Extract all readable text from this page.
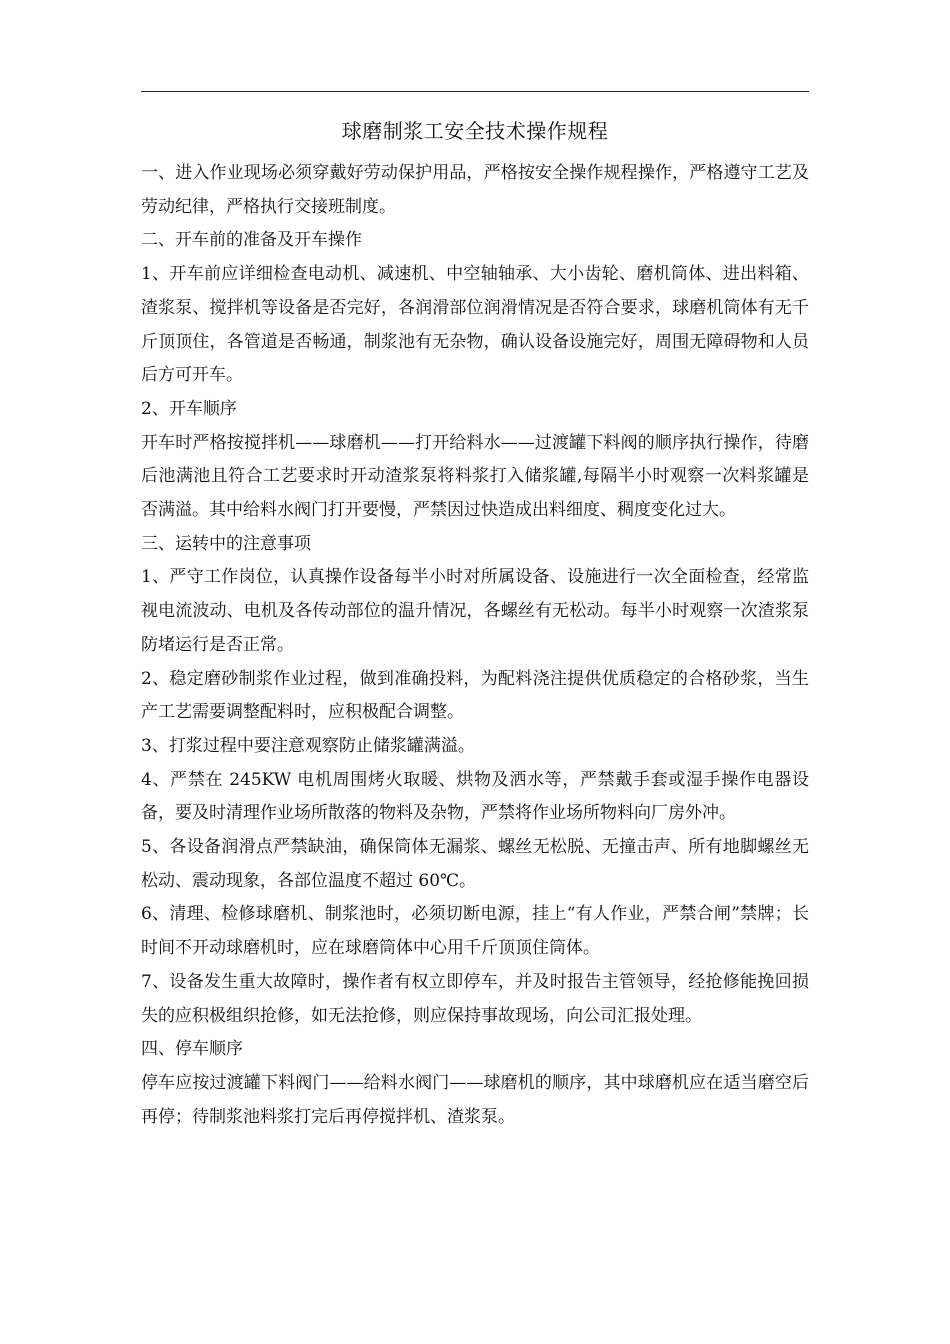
球磨制浆工安全技术操作规程

一、进入作业现场必须穿戴好劳动保护用品，严格按安全操作规程操作，严格遵守工艺及劳动纪律，严格执行交接班制度。

二、开车前的准备及开车操作

1、开车前应详细检查电动机、减速机、中空轴轴承、大小齿轮、磨机筒体、进出料箱、渣浆泵、搅拌机等设备是否完好，各润滑部位润滑情况是否符合要求，球磨机筒体有无千斤顶顶住，各管道是否畅通，制浆池有无杂物，确认设备设施完好，周围无障碍物和人员后方可开车。

2、开车顺序

开车时严格按搅拌机——球磨机——打开给料水——过渡罐下料阀的顺序执行操作，待磨后池满池且符合工艺要求时开动渣浆泵将料浆打入储浆罐,每隔半小时观察一次料浆罐是否满溢。其中给料水阀门打开要慢，严禁因过快造成出料细度、稠度变化过大。

三、运转中的注意事项

1、严守工作岗位，认真操作设备每半小时对所属设备、设施进行一次全面检查，经常监视电流波动、电机及各传动部位的温升情况，各螺丝有无松动。每半小时观察一次渣浆泵防堵运行是否正常。

2、稳定磨砂制浆作业过程，做到准确投料，为配料浇注提供优质稳定的合格砂浆，当生产工艺需要调整配料时，应积极配合调整。

3、打浆过程中要注意观察防止储浆罐满溢。

4、严禁在 245KW 电机周围烤火取暖、烘物及洒水等，严禁戴手套或湿手操作电器设备，要及时清理作业场所散落的物料及杂物，严禁将作业场所物料向厂房外冲。

5、各设备润滑点严禁缺油，确保筒体无漏浆、螺丝无松脱、无撞击声、所有地脚螺丝无松动、震动现象，各部位温度不超过 60℃。

6、清理、检修球磨机、制浆池时，必须切断电源，挂上“有人作业，严禁合闸”禁牌；长时间不开动球磨机时，应在球磨筒体中心用千斤顶顶住筒体。

7、设备发生重大故障时，操作者有权立即停车，并及时报告主管领导，经抢修能挽回损失的应积极组织抢修，如无法抢修，则应保持事故现场，向公司汇报处理。

四、停车顺序

停车应按过渡罐下料阀门——给料水阀门——球磨机的顺序，其中球磨机应在适当磨空后再停；待制浆池料浆打完后再停搅拌机、渣浆泵。
